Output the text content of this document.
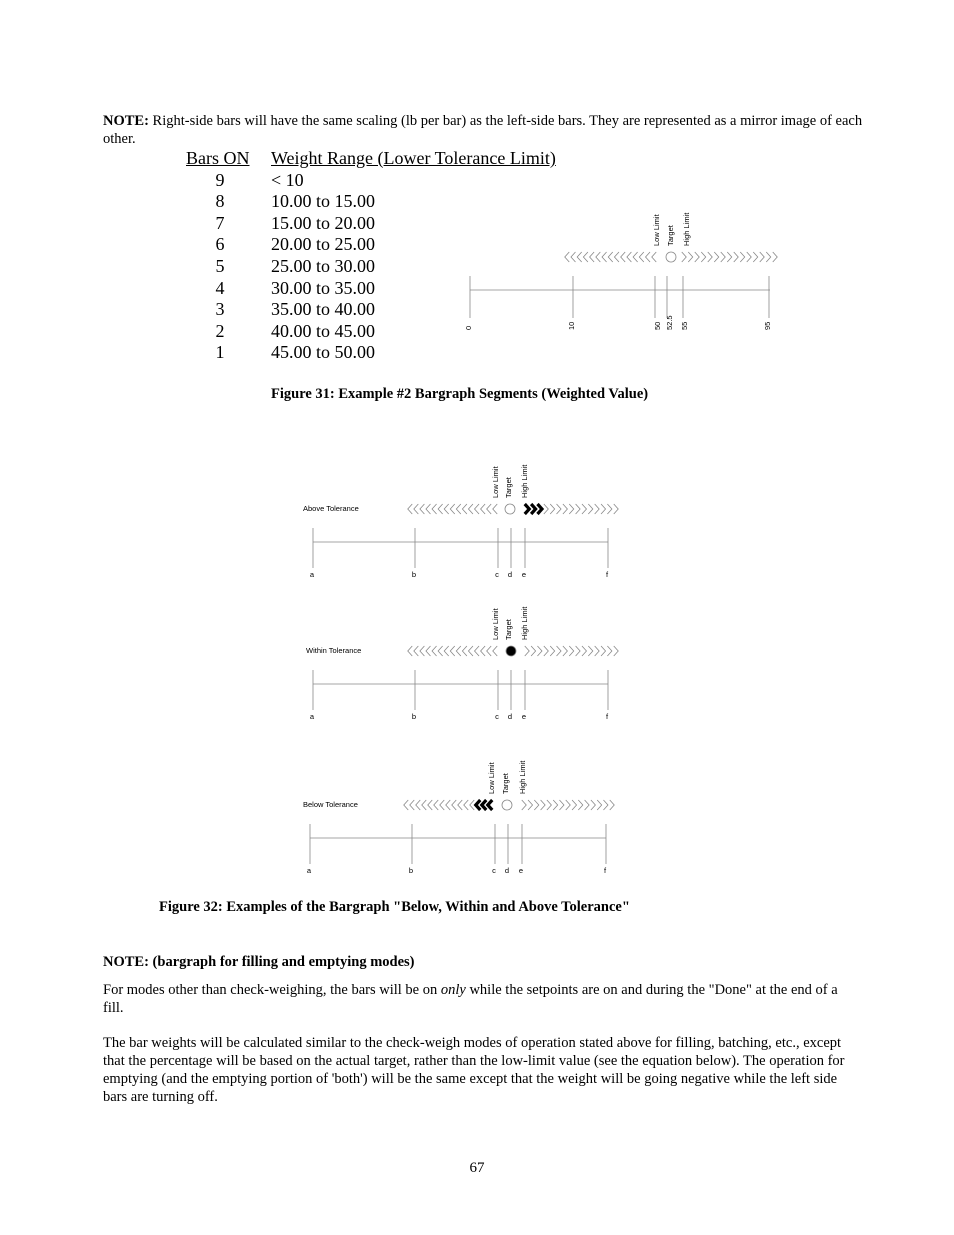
NOTE: Right-side bars will have the same scaling (lb per bar) as the left-side bars. They are represented as a mirror image of each other.
Bars ON	Weight Range (Lower Tolerance Limit)
9	< 10
8	10.00 to 15.00
7	15.00 to 20.00
6	20.00 to 25.00
5	25.00 to 30.00
4	30.00 to 35.00
3	35.00 to 40.00
2	40.00 to 45.00
1	45.00 to 50.00
Low Limit Target High Limit
0	10	50 52.5 55	95
Figure 31: Example #2 Bargraph Segments (Weighted Value)
Above Tolerance
Low Limit Target High Limit
a	b	c d e	f
Within Tolerance
Low Limit Target High Limit
a	b	c d e	f
Below Tolerance
Low Limit Target High Limit
a	b	c d e	f
Figure 32: Examples of the Bargraph "Below, Within and Above Tolerance"
NOTE: (bargraph for filling and emptying modes)
For modes other than check-weighing, the bars will be on only while the setpoints are on and during the "Done" at the end of a fill.
The bar weights will be calculated similar to the check-weigh modes of operation stated above for filling, batching, etc., except that the percentage will be based on the actual target, rather than the low-limit value (see the equation below). The operation for emptying (and the emptying portion of 'both') will be the same except that the weight will be going negative while the left side bars are turning off.
67
